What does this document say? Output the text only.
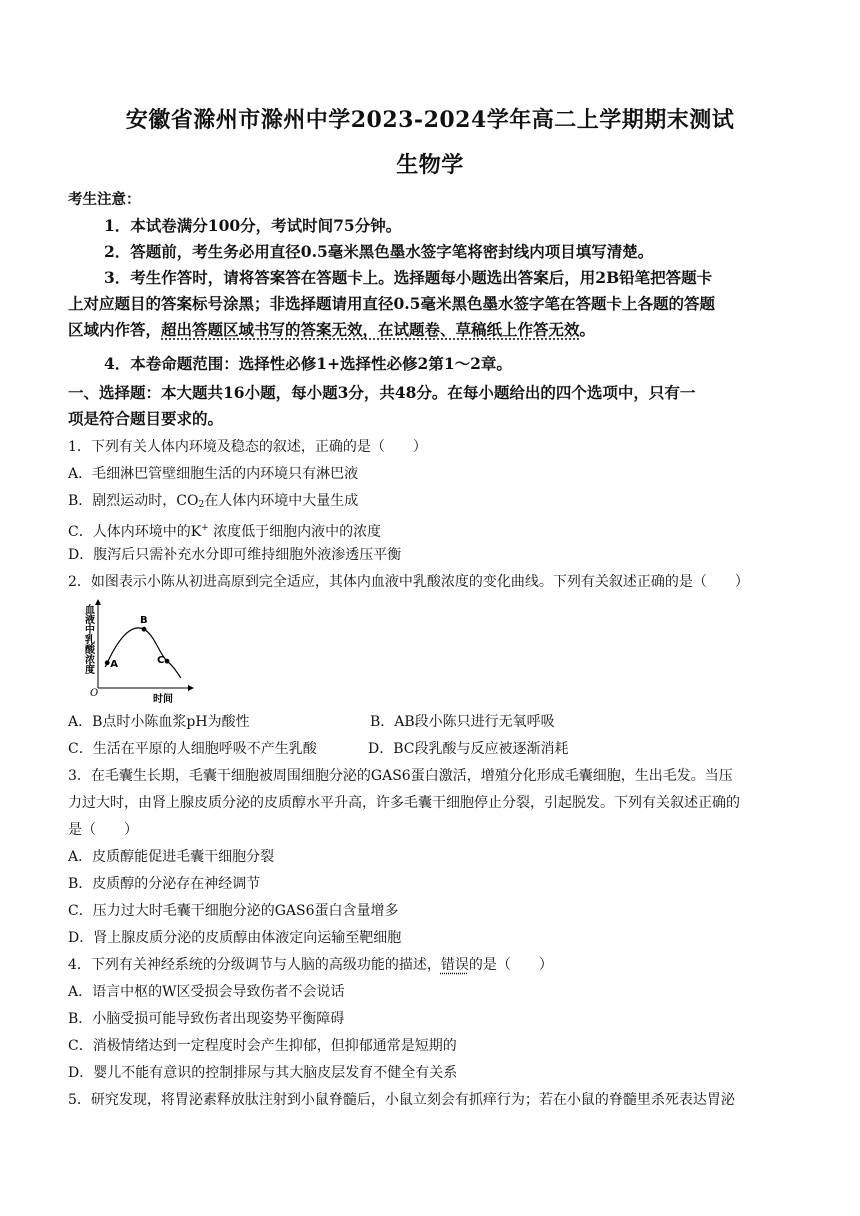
安徽省滁州市滁州中学2023-2024学年高二上学期期末测试
生物学
考生注意：
1．本试卷满分100分，考试时间75分钟。
2．答题前，考生务必用直径0.5毫米黑色墨水签字笔将密封线内项目填写清楚。
3．考生作答时，请将答案答在答题卡上。选择题每小题选出答案后，用2B铅笔把答题卡
上对应题目的答案标号涂黑；非选择题请用直径0.5毫米黑色墨水签字笔在答题卡上各题的答题
区域内作答，超出答题区域书写的答案无效，在试题卷、草稿纸上作答无效。
4．本卷命题范围：选择性必修1+选择性必修2第1～2章。
一、选择题：本大题共16小题，每小题3分，共48分。在每小题给出的四个选项中，只有一
项是符合题目要求的。
1．下列有关人体内环境及稳态的叙述，正确的是（　　）
A．毛细淋巴管壁细胞生活的内环境只有淋巴液
B．剧烈运动时，$CO_2$在人体内环境中大量生成
C．人体内环境中的K+ 浓度低于细胞内液中的浓度
D．腹泻后只需补充水分即可维持细胞外液渗透压平衡
2．如图表示小陈从初进高原到完全适应，其体内血液中乳酸浓度的变化曲线。下列有关叙述正确的是（　　）
血液中乳酸浓度
O
时间
A
B
C
A．B点时小陈血浆pH为酸性	B．AB段小陈只进行无氧呼吸
C．生活在平原的人细胞呼吸不产生乳酸	D．BC段乳酸与反应被逐渐消耗
3．在毛囊生长期，毛囊干细胞被周围细胞分泌的GAS6蛋白激活，增殖分化形成毛囊细胞，生出毛发。当压
力过大时，由肾上腺皮质分泌的皮质醇水平升高，许多毛囊干细胞停止分裂，引起脱发。下列有关叙述正确的
是（　　）
A．皮质醇能促进毛囊干细胞分裂
B．皮质醇的分泌存在神经调节
C．压力过大时毛囊干细胞分泌的GAS6蛋白含量增多
D．肾上腺皮质分泌的皮质醇由体液定向运输至靶细胞
4．下列有关神经系统的分级调节与人脑的高级功能的描述，错误的是（　　）
A．语言中枢的W区受损会导致伤者不会说话
B．小脑受损可能导致伤者出现姿势平衡障碍
C．消极情绪达到一定程度时会产生抑郁，但抑郁通常是短期的
D．婴儿不能有意识的控制排尿与其大脑皮层发育不健全有关系
5．研究发现，将胃泌素释放肽注射到小鼠脊髓后，小鼠立刻会有抓痒行为；若在小鼠的脊髓里杀死表达胃泌
